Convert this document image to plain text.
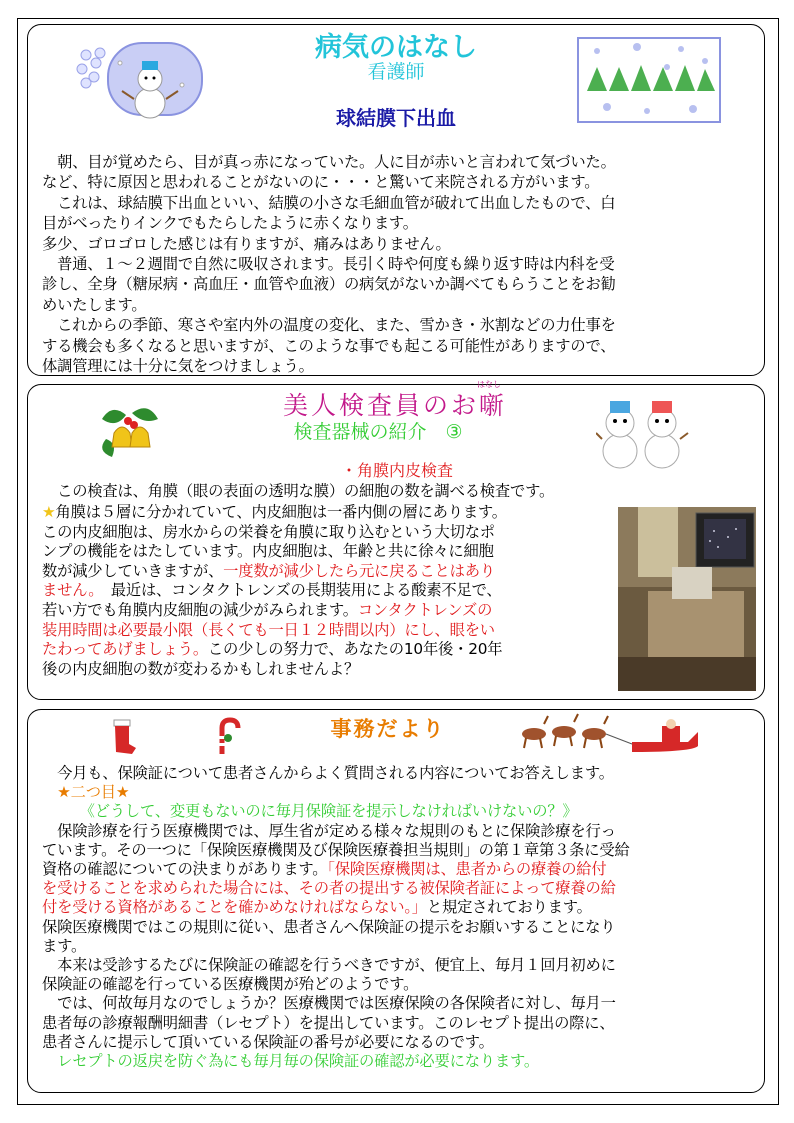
病気のはなし
看護師
球結膜下出血
　朝、目が覚めたら、目が真っ赤になっていた。人に目が赤いと言われて気づいた。
など、特に原因と思われることがないのに・・・と驚いて来院される方がいます。
　これは、球結膜下出血といい、結膜の小さな毛細血管が破れて出血したもので、白
目がべったりインクでもたらしたように赤くなります。
多少、ゴロゴロした感じは有りますが、痛みはありません。
　普通、１～２週間で自然に吸収されます。長引く時や何度も繰り返す時は内科を受
診し、全身（糖尿病・高血圧・血管や血液）の病気がないか調べてもらうことをお勧
めいたします。
　これからの季節、寒さや室内外の温度の変化、また、雪かき・氷割などの力仕事を
する機会も多くなると思いますが、このような事でも起こる可能性がありますので、
体調管理には十分に気をつけましょう。
はなし
美人検査員のお噺
検査器械の紹介　③
・角膜内皮検査
　この検査は、角膜（眼の表面の透明な膜）の細胞の数を調べる検査です。
★角膜は５層に分かれていて、内皮細胞は一番内側の層にあります。
この内皮細胞は、房水からの栄養を角膜に取り込むという大切なポ
ンプの機能をはたしています。内皮細胞は、年齢と共に徐々に細胞
数が減少していきますが、一度数が減少したら元に戻ることはあり
ません。　最近は、コンタクトレンズの長期装用による酸素不足で、
若い方でも角膜内皮細胞の減少がみられます。コンタクトレンズの
装用時間は必要最小限（長くても一日１２時間以内）にし、眼をい
たわってあげましょう。この少しの努力で、あなたの10年後・20年
後の内皮細胞の数が変わるかもしれませんよ？
事務だより
　今月も、保険証について患者さんからよく質問される内容についてお答えします。
　★二つ目★
　　　《どうして、変更もないのに毎月保険証を提示しなければいけないの？》
　保険診療を行う医療機関では、厚生省が定める様々な規則のもとに保険診療を行っ
ています。その一つに「保険医療機関及び保険医療養担当規則」の第１章第３条に受給
資格の確認についての決まりがあります。「保険医療機関は、患者からの療養の給付
を受けることを求められた場合には、その者の提出する被保険者証によって療養の給
付を受ける資格があることを確かめなければならない。」と規定されております。
保険医療機関ではこの規則に従い、患者さんへ保険証の提示をお願いすることになり
ます。
　本来は受診するたびに保険証の確認を行うべきですが、便宜上、毎月１回月初めに
保険証の確認を行っている医療機関が殆どのようです。
　では、何故毎月なのでしょうか？医療機関では医療保険の各保険者に対し、毎月一
患者毎の診療報酬明細書（レセプト）を提出しています。このレセプト提出の際に、
患者さんに提示して頂いている保険証の番号が必要になるのです。
　レセプトの返戻を防ぐ為にも毎月毎の保険証の確認が必要になります。
